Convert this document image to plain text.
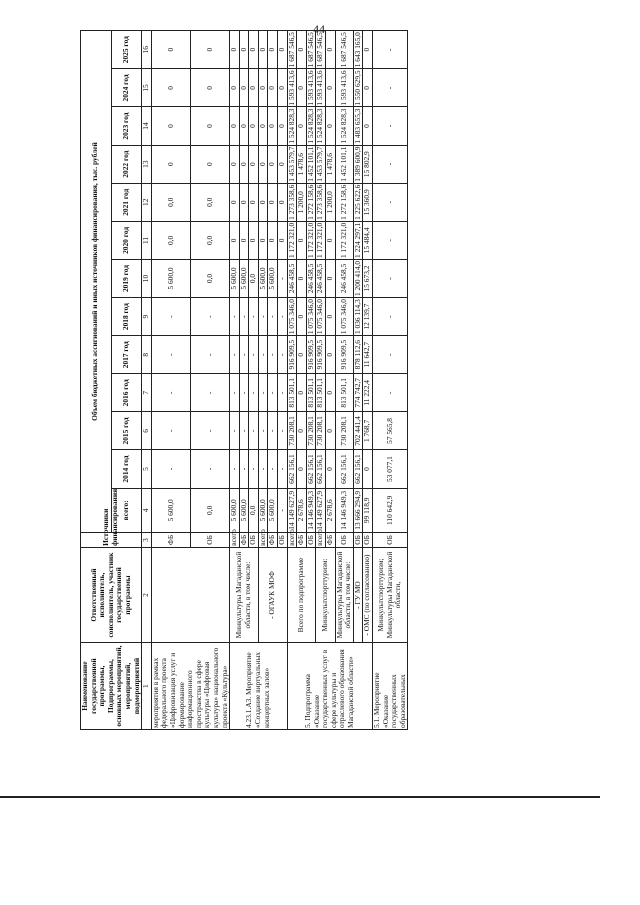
44
Наименование государственной программы, Подпрограммы, основных мероприятий, мероприятий, подмероприятий	Ответственный исполнитель, соисполнитель, участник государственной программы	Источники финансирования	Объем бюджетных ассигнований и иных источников финансирования, тыс. рублей												
			всего:	2014 год	2015 год	2016 год	2017 год	2018 год	2019 год	2020 год	2021 год	2022 год	2023 год	2024 год	2025 год
1	2	3	4	5	6	7	8	9	10	11	12	13	14	15	16
мероприятия в рамках федерального проекта «Цифровизация услуг и формирование информационного пространства в сфере культуры «Цифровая культура» национального проекта «Культура»		ФБ	5 600,0	-	-	-	-	-	5 600,0	0,0	0,0	0	0	0	0
		ОБ	0,0	-	-	-	-	-	0,0	0,0	0,0	0	0	0	0
4.23.1.А3. Мероприятие «Создание виртуальных концертных залов»	Минкультуры Магаданской области, в том числе:	всего	5 600,0	-	-	-	-	-	5 600,0	0	0	0	0	0	0
		ФБ	5 600,0	-	-	-	-	-	5 600,0	0	0	0	0	0	0
		ОБ	0,0	-	-	-	-	-	0,0	0	0	0	0	0	0
	- ОГАУК МОФ	всего	5 600,0	-	-	-	-	-	5 600,0	0	0	0	0	0	0
		ФБ	5 600,0	-	-	-	-	-	5 600,0	0	0	0	0	0	0
		ОБ	-	-	-	-	-	-	-	0	0	0	0	0	0
5. Подпрограмма «Оказание государственных услуг в сфере культуры и отраслевого образования Магаданской области»	Всего по подпрограмме	всего	14 149 627,9	662 156,1	730 208,1	813 501,1	916 909,5	1 075 346,0	246 458,5	1 172 321,0	1 273 358,6	1 453 579,7	1 524 828,3	1 593 413,6	1 687 546,5
		ФБ	2 678,6	0	0	0	0	0	0	0	1 200,0	1 478,6	0	0	0
		ОБ	14 146 949,3	662 156,1	730 208,1	813 501,1	916 909,5	1 075 346,0	246 458,5	1 172 321,0	1 272 158,6	1 452 101,1	1 524 828,3	1 593 413,6	1 687 546,5
	Минкультспорттуризм:	всего	14 149 627,9	662 156,1	730 208,1	813 501,1	916 909,5	1 075 346,0	246 458,5	1 172 321,0	1 273 358,6	1 453 579,7	1 524 828,3	1 593 413,6	1 687 546,5
		ФБ	2 678,6	0	0	0	0	0	0	0	1 200,0	1 478,6	0	0	0
	Минкультуры Магаданской области, в том числе:	ОБ	14 146 949,3	662 156,1	730 208,1	813 501,1	916 909,5	1 075 346,0	246 458,5	1 172 321,0	1 272 158,6	1 452 101,1	1 524 828,3	1 593 413,6	1 687 546,5
	- ГУ МО	ОБ	13 666 294,9	662 156,1	702 441,4	774 742,7	878 112,6	1 036 114,3	1 200 414,0	1 224 297,1	1 225 622,6	1 389 600,9	1 483 655,3	1 550 629,5	1 643 165,0
	- ОМС (по согласованию)	ОБ	99 118,9	0	1 768,7	11 222,4	11 642,7	12 139,7	15 673,2	15 484,4	15 360,9	15 802,9	0	0	0
5.1. Мероприятие «Оказание государственных образовательных	Минкультспорттуризм; Минкультуры Магаданской области,	ОБ	110 642,9	53 077,1	57 565,8	-	-	-	-	-	-	-	-	-	-
